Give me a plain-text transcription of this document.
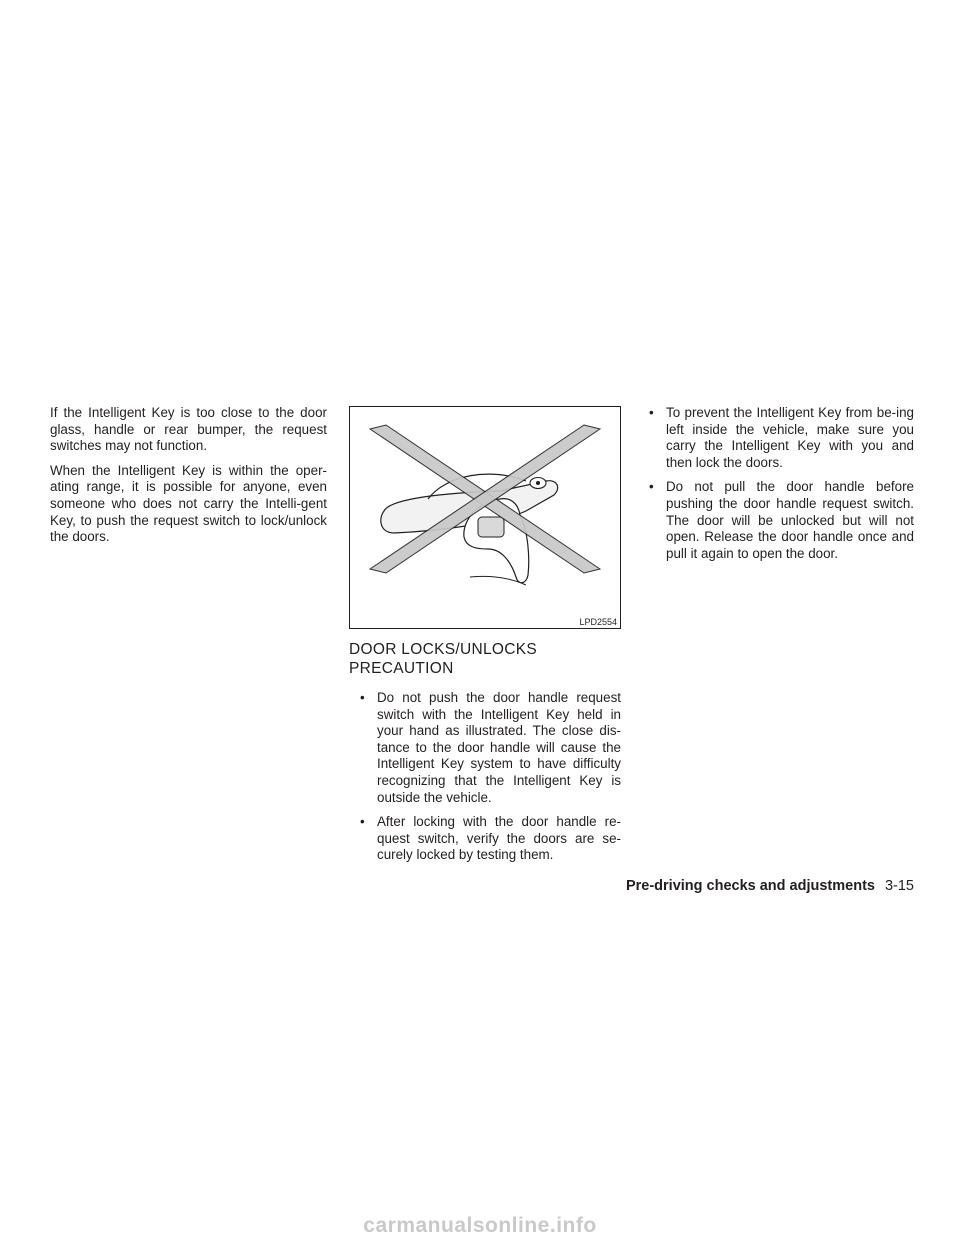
If the Intelligent Key is too close to the door glass, handle or rear bumper, the request switches may not function.

When the Intelligent Key is within the oper-ating range, it is possible for anyone, even someone who does not carry the Intelli-gent Key, to push the request switch to lock/unlock the doors.

LPD2554
DOOR LOCKS/UNLOCKS
PRECAUTION
• Do not push the door handle request switch with the Intelligent Key held in your hand as illustrated. The close dis-tance to the door handle will cause the Intelligent Key system to have difficulty recognizing that the Intelligent Key is outside the vehicle.
• After locking with the door handle re-quest switch, verify the doors are se-curely locked by testing them.
• To prevent the Intelligent Key from be-ing left inside the vehicle, make sure you carry the Intelligent Key with you and then lock the doors.
• Do not pull the door handle before pushing the door handle request switch. The door will be unlocked but will not open. Release the door handle once and pull it again to open the door.
Pre-driving checks and adjustments 3-15
carmanualsonline.info
